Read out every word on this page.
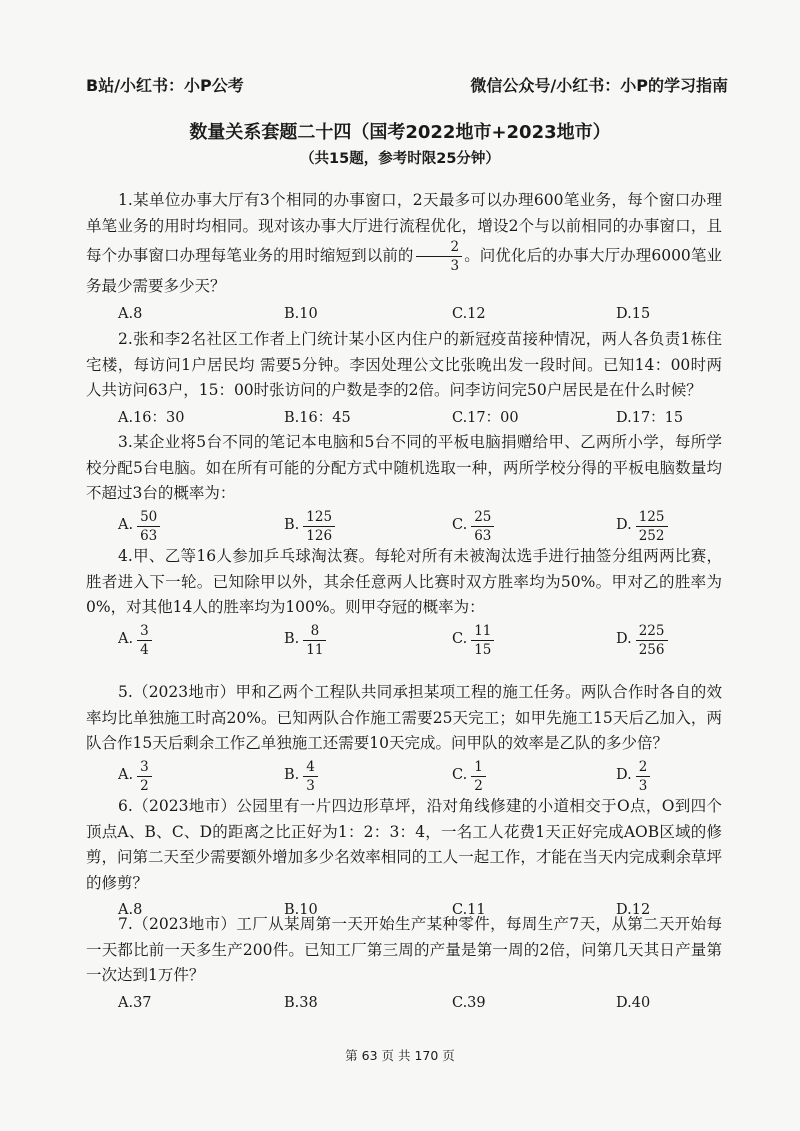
B站/小红书：小P公考	微信公众号/小红书：小P的学习指南
数量关系套题二十四（国考2022地市+2023地市）
（共15题，参考时限25分钟）
1.某单位办事大厅有3个相同的办事窗口，2天最多可以办理600笔业务，每个窗口办理单笔业务的用时均相同。现对该办事大厅进行流程优化，增设2个与以前相同的办事窗口，且每个办事窗口办理每笔业务的用时缩短到以前的 $\frac{2}{3}$ 。问优化后的办事大厅办理6000笔业务最少需要多少天？
A.8	B.10	C.12	D.15
2.张和李2名社区工作者上门统计某小区内住户的新冠疫苗接种情况，两人各负责1栋住宅楼，每访问1户居民均 需要5分钟。李因处理公文比张晚出发一段时间。已知14：00时两人共访问63户，15：00时张访问的户数是李的2倍。问李访问完50户居民是在什么时候？
A.16：30	B.16：45	C.17：00	D.17：15
3.某企业将5台不同的笔记本电脑和5台不同的平板电脑捐赠给甲、乙两所小学，每所学校分配5台电脑。如在所有可能的分配方式中随机选取一种，两所学校分得的平板电脑数量均不超过3台的概率为：
A. $\frac{50}{63}$	B. $\frac{125}{126}$	C. $\frac{25}{63}$	D. $\frac{125}{252}$
4.甲、乙等16人参加乒乓球淘汰赛。每轮对所有未被淘汰选手进行抽签分组两两比赛，胜者进入下一轮。已知除甲以外，其余任意两人比赛时双方胜率均为50%。甲对乙的胜率为0%，对其他14人的胜率均为100%。则甲夺冠的概率为：
A. $\frac{3}{4}$	B. $\frac{8}{11}$	C. $\frac{11}{15}$	D. $\frac{225}{256}$
5.（2023地市）甲和乙两个工程队共同承担某项工程的施工任务。两队合作时各自的效率均比单独施工时高20%。已知两队合作施工需要25天完工；如甲先施工15天后乙加入，两队合作15天后剩余工作乙单独施工还需要10天完成。问甲队的效率是乙队的多少倍？
A. $\frac{3}{2}$	B. $\frac{4}{3}$	C. $\frac{1}{2}$	D. $\frac{2}{3}$
6.（2023地市）公园里有一片四边形草坪，沿对角线修建的小道相交于O点，O到四个顶点A、B、C、D的距离之比正好为1：2：3：4，一名工人花费1天正好完成AOB区域的修剪，问第二天至少需要额外增加多少名效率相同的工人一起工作，才能在当天内完成剩余草坪的修剪？
A.8	B.10	C.11	D.12
7.（2023地市）工厂从某周第一天开始生产某种零件，每周生产7天，从第二天开始每一天都比前一天多生产200件。已知工厂第三周的产量是第一周的2倍，问第几天其日产量第一次达到1万件？
A.37	B.38	C.39	D.40
第 63 页 共 170 页
